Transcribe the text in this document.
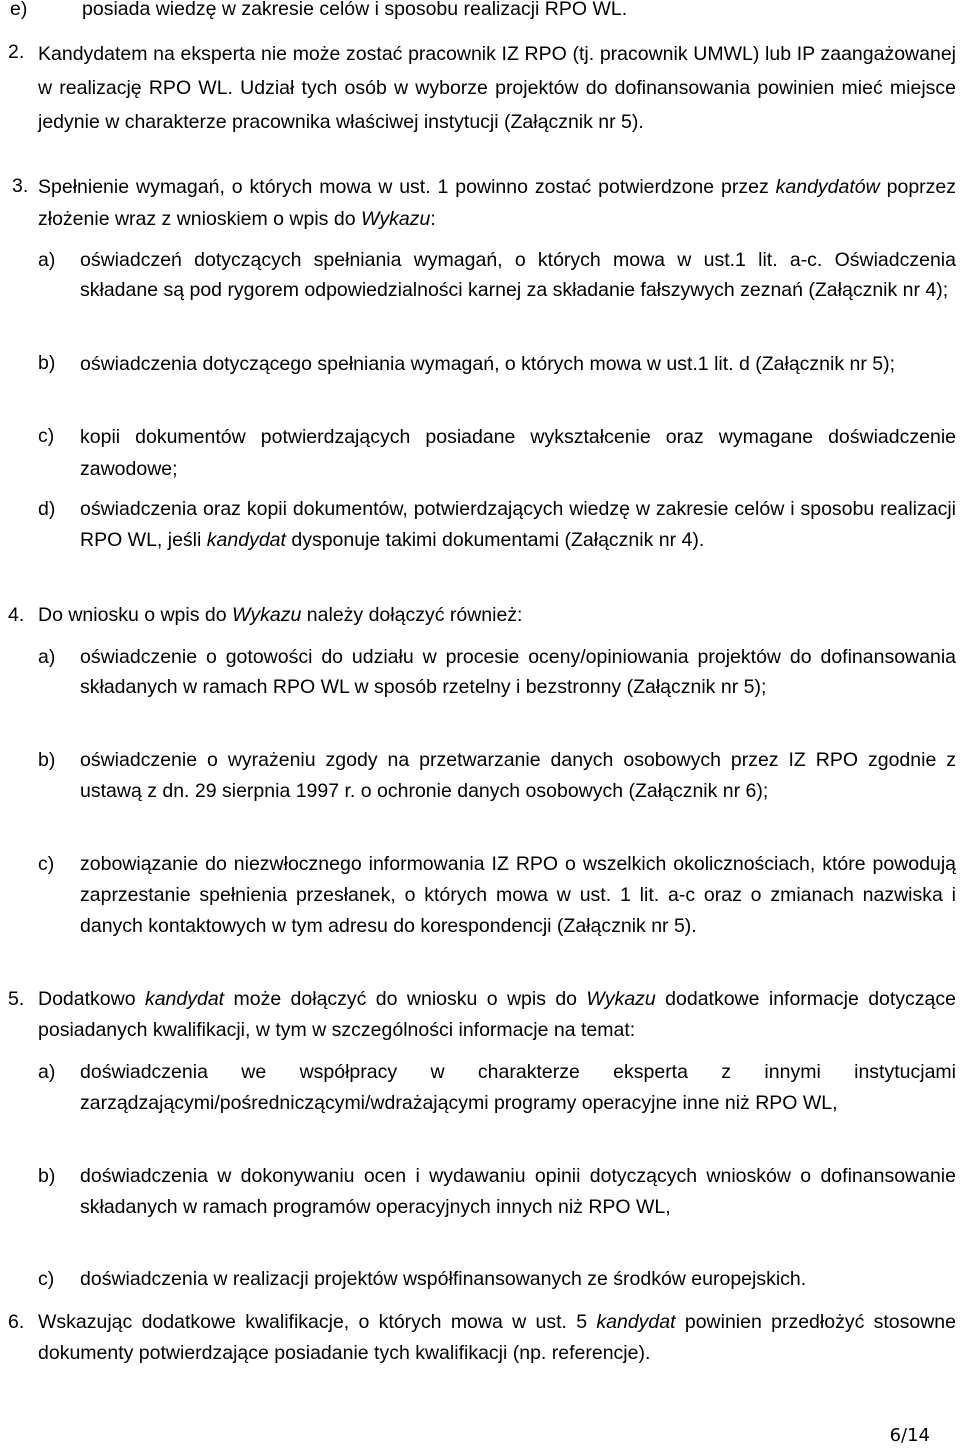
e)	posiada wiedzę w zakresie celów i sposobu realizacji RPO WL.
2. Kandydatem na eksperta nie może zostać pracownik IZ RPO (tj. pracownik UMWL) lub IP zaangażowanej w realizację RPO WL. Udział tych osób w wyborze projektów do dofinansowania powinien mieć miejsce jedynie w charakterze pracownika właściwej instytucji (Załącznik nr 5).
3. Spełnienie wymagań, o których mowa w ust. 1 powinno zostać potwierdzone przez kandydatów poprzez złożenie wraz z wnioskiem o wpis do Wykazu:
a) oświadczeń dotyczących spełniania wymagań, o których mowa w ust.1 lit. a-c. Oświadczenia składane są pod rygorem odpowiedzialności karnej za składanie fałszywych zeznań (Załącznik nr 4);
b) oświadczenia dotyczącego spełniania wymagań, o których mowa w ust.1 lit. d (Załącznik nr 5);
c) kopii dokumentów potwierdzających posiadane wykształcenie oraz wymagane doświadczenie zawodowe;
d) oświadczenia oraz kopii dokumentów, potwierdzających wiedzę w zakresie celów i sposobu realizacji RPO WL, jeśli kandydat dysponuje takimi dokumentami (Załącznik nr 4).
4. Do wniosku o wpis do Wykazu należy dołączyć również:
a) oświadczenie o gotowości do udziału w procesie oceny/opiniowania projektów do dofinansowania składanych w ramach RPO WL w sposób rzetelny i bezstronny (Załącznik nr 5);
b) oświadczenie o wyrażeniu zgody na przetwarzanie danych osobowych przez IZ RPO zgodnie z ustawą z dn. 29 sierpnia 1997 r. o ochronie danych osobowych (Załącznik nr 6);
c) zobowiązanie do niezwłocznego informowania IZ RPO o wszelkich okolicznościach, które powodują zaprzestanie spełnienia przesłanek, o których mowa w ust. 1 lit. a-c oraz o zmianach nazwiska i danych kontaktowych w tym adresu do korespondencji (Załącznik nr 5).
5. Dodatkowo kandydat może dołączyć do wniosku o wpis do Wykazu dodatkowe informacje dotyczące posiadanych kwalifikacji, w tym w szczególności informacje na temat:
a) doświadczenia we współpracy w charakterze eksperta z innymi instytucjami zarządzającymi/pośredniczącymi/wdrażającymi programy operacyjne inne niż RPO WL,
b) doświadczenia w dokonywaniu ocen i wydawaniu opinii dotyczących wniosków o dofinansowanie składanych w ramach programów operacyjnych innych niż RPO WL,
c) doświadczenia w realizacji projektów współfinansowanych ze środków europejskich.
6. Wskazując dodatkowe kwalifikacje, o których mowa w ust. 5 kandydat powinien przedłożyć stosowne dokumenty potwierdzające posiadanie tych kwalifikacji (np. referencje).
6/14
